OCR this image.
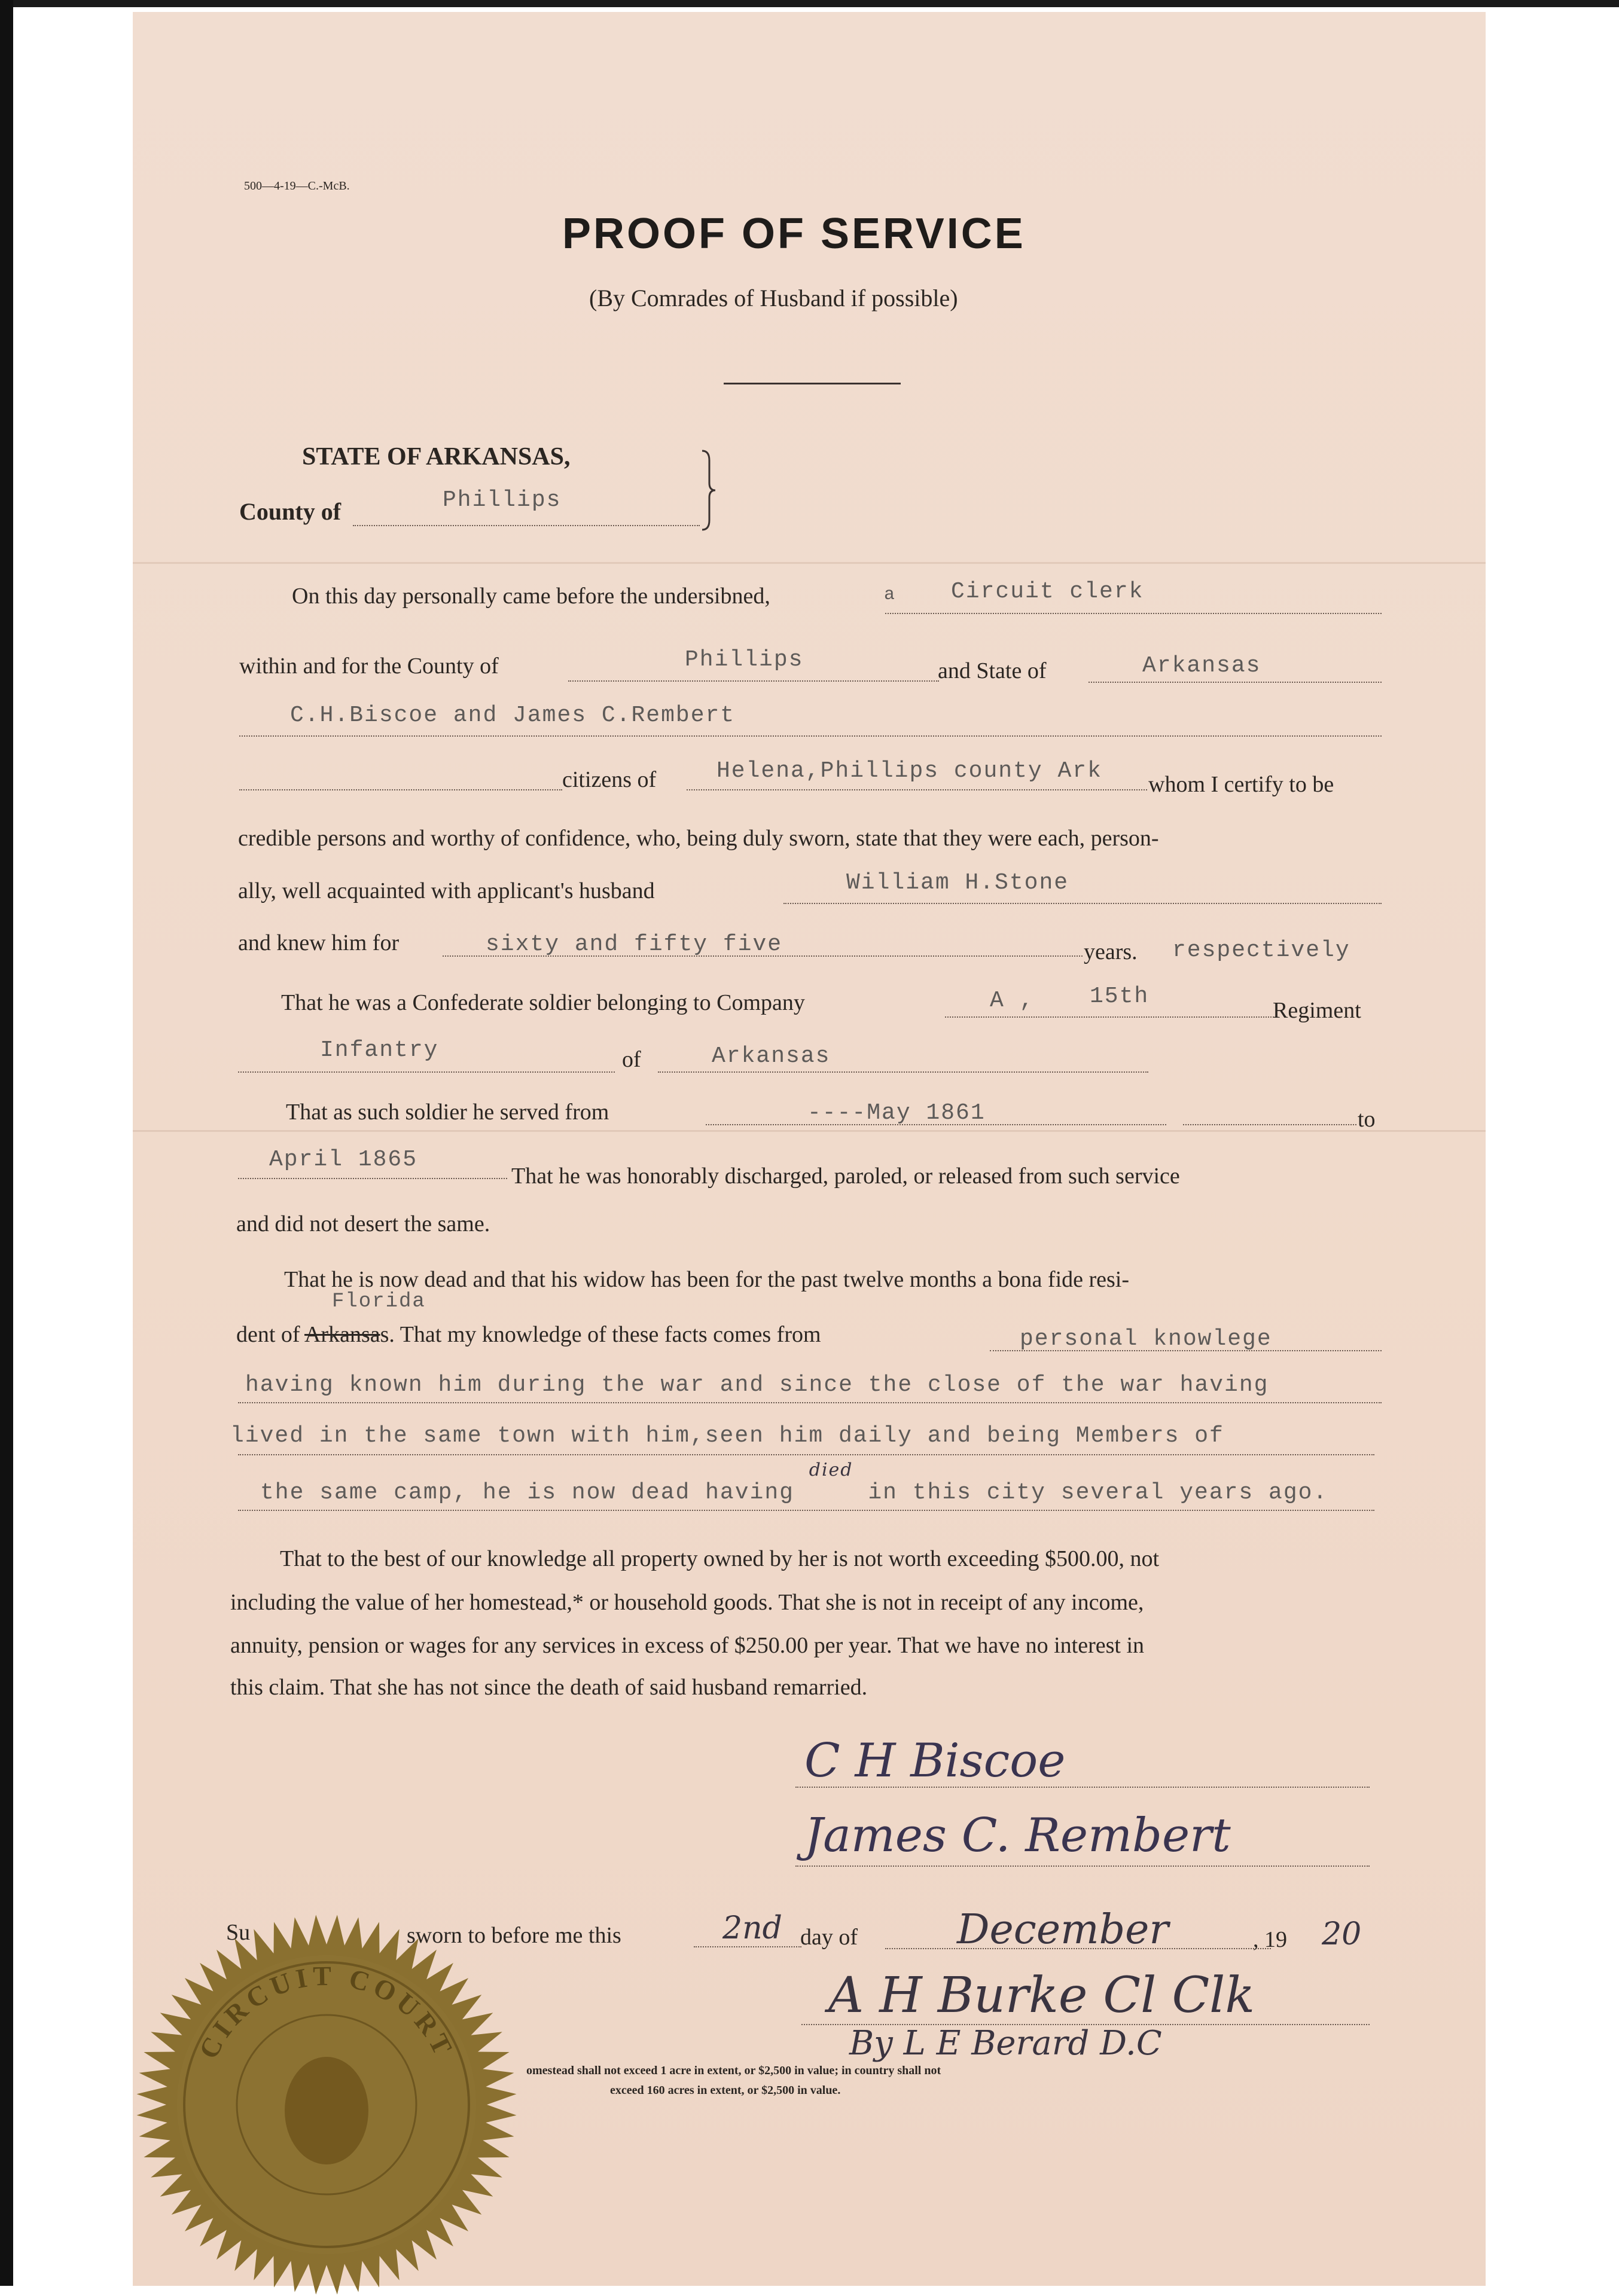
500—4-19—C.-McB.
PROOF OF SERVICE
(By Comrades of Husband if possible)
STATE OF ARKANSAS,
County of	Phillips
On this day personally came before the undersibned,	a Circuit clerk
within and for the County of	Phillips	and State of	Arkansas
C.H.Biscoe and James C.Rembert
citizens of	Helena,Phillips county Ark
whom I certify to be
credible persons and worthy of confidence, who, being duly sworn, state that they were each, person-
ally, well acquainted with applicant's husband	William H.Stone
and knew him for	sixty and fifty five	years. respectively
That he was a Confederate soldier belonging to Company	A , 15th
Regiment
Infantry	of	Arkansas
That as such soldier he served from	----May 1861	to
April 1865
That he was honorably discharged, paroled, or released from such service
and did not desert the same.
That he is now dead and that his widow has been for the past twelve months a bona fide resi-
Florida
dent of Arkansas. That my knowledge of these facts comes from	personal knowlege
having known him during the war and since the close of the war having
lived in the same town with him,seen him daily and being Members of
the same camp, he is now dead having $^{died}$ in this city several years ago.
That to the best of our knowledge all property owned by her is not worth exceeding $500.00, not
including the value of her homestead,* or household goods. That she is not in receipt of any income,
annuity, pension or wages for any services in excess of $250.00 per year. That we have no interest in
this claim. That she has not since the death of said husband remarried.
C H Biscoe
James C. Rembert
Su	sworn to before me this	2nd day of December	, 19 20
A H Burke Cl Clk
By L E Berard D.C
omestead shall not exceed 1 acre in extent, or $2,500 in value; in country shall not
exceed 160 acres in extent, or $2,500 in value.
CIRCUIT COURT
